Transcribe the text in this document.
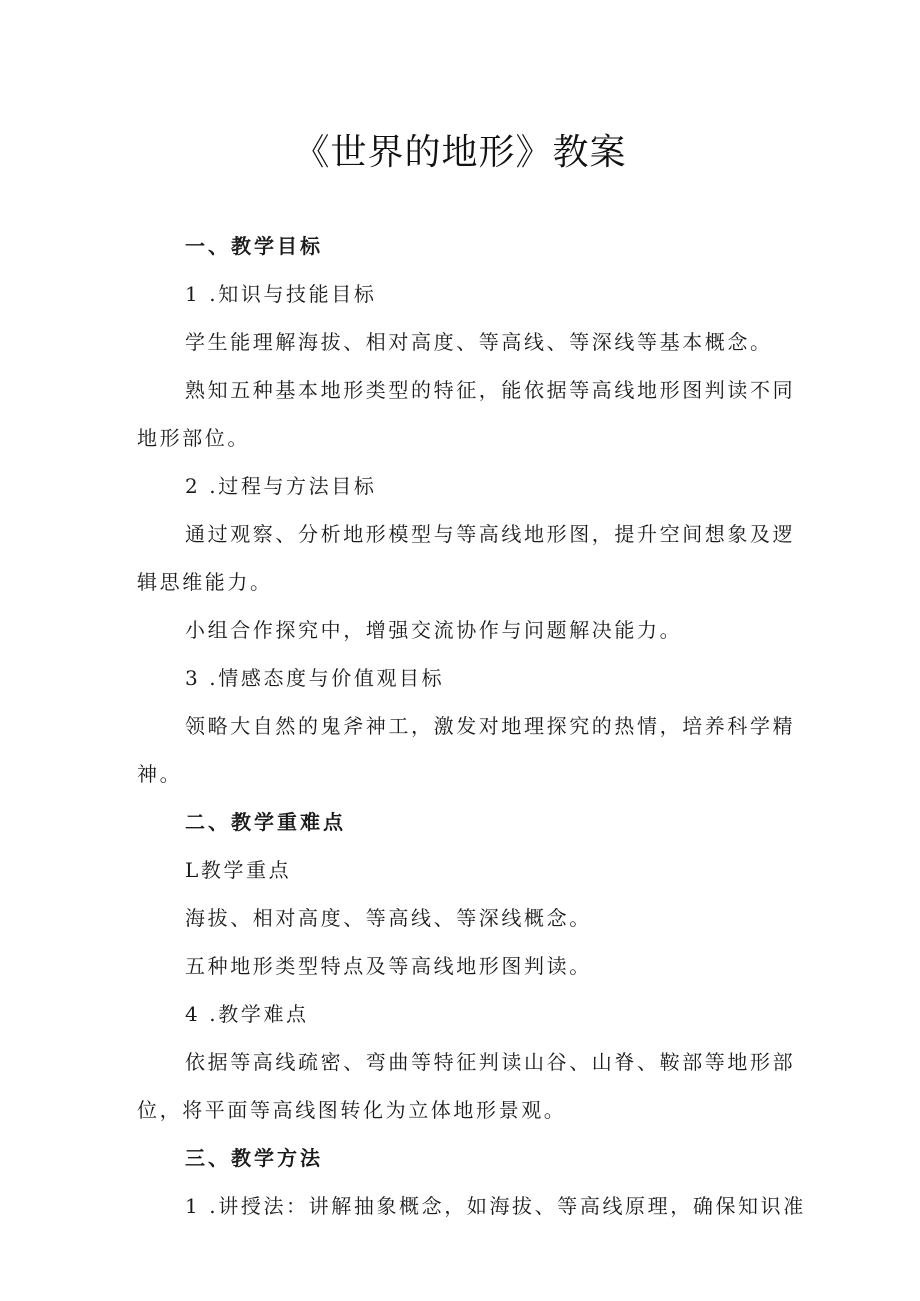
《世界的地形》教案

一、教学目标

1 .知识与技能目标

学生能理解海拔、相对高度、等高线、等深线等基本概念。

熟知五种基本地形类型的特征，能依据等高线地形图判读不同地形部位。

2 .过程与方法目标

通过观察、分析地形模型与等高线地形图，提升空间想象及逻辑思维能力。

小组合作探究中，增强交流协作与问题解决能力。

3 .情感态度与价值观目标

领略大自然的鬼斧神工，激发对地理探究的热情，培养科学精神。

二、教学重难点

L教学重点

海拔、相对高度、等高线、等深线概念。

五种地形类型特点及等高线地形图判读。

4 .教学难点

依据等高线疏密、弯曲等特征判读山谷、山脊、鞍部等地形部位，将平面等高线图转化为立体地形景观。

三、教学方法

1 .讲授法：讲解抽象概念，如海拔、等高线原理，确保知识准
